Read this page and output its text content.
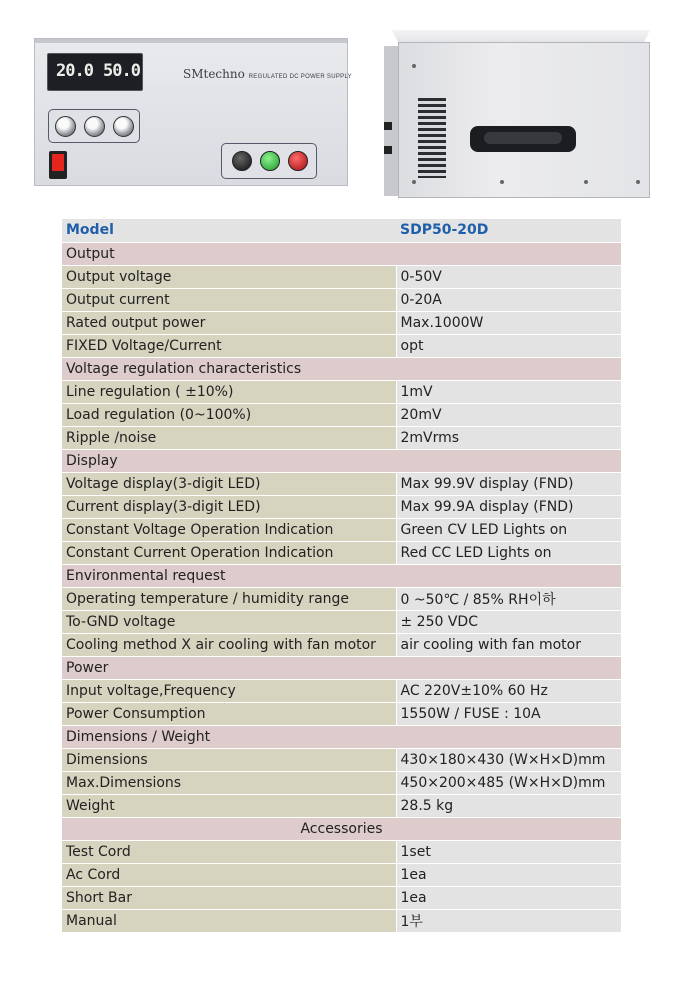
20.0 50.0	SMtechno REGULATED DC POWER SUPPLY
Model	SDP50-20D
Output	
Output voltage	0-50V
Output current	0-20A
Rated output power	Max.1000W
FIXED Voltage/Current	opt
Voltage regulation characteristics	
Line regulation ( ±10%)	1mV
Load regulation (0~100%)	20mV
Ripple /noise	2mVrms
Display	
Voltage display(3-digit LED)	Max 99.9V display (FND)
Current display(3-digit LED)	Max 99.9A display (FND)
Constant Voltage Operation Indication	Green CV LED Lights on
Constant Current Operation Indication	Red CC LED Lights on
Environmental request	
Operating temperature / humidity range	0 ~50℃ / 85% RH이하
To-GND voltage	± 250 VDC
Cooling method X air cooling with fan motor	air cooling with fan motor
Power	
Input voltage,Frequency	AC 220V±10% 60 Hz
Power Consumption	1550W / FUSE : 10A
Dimensions / Weight	
Dimensions	430×180×430 (W×H×D)mm
Max.Dimensions	450×200×485 (W×H×D)mm
Weight	28.5 kg
Accessories	
Test Cord	1set
Ac Cord	1ea
Short Bar	1ea
Manual	1부
